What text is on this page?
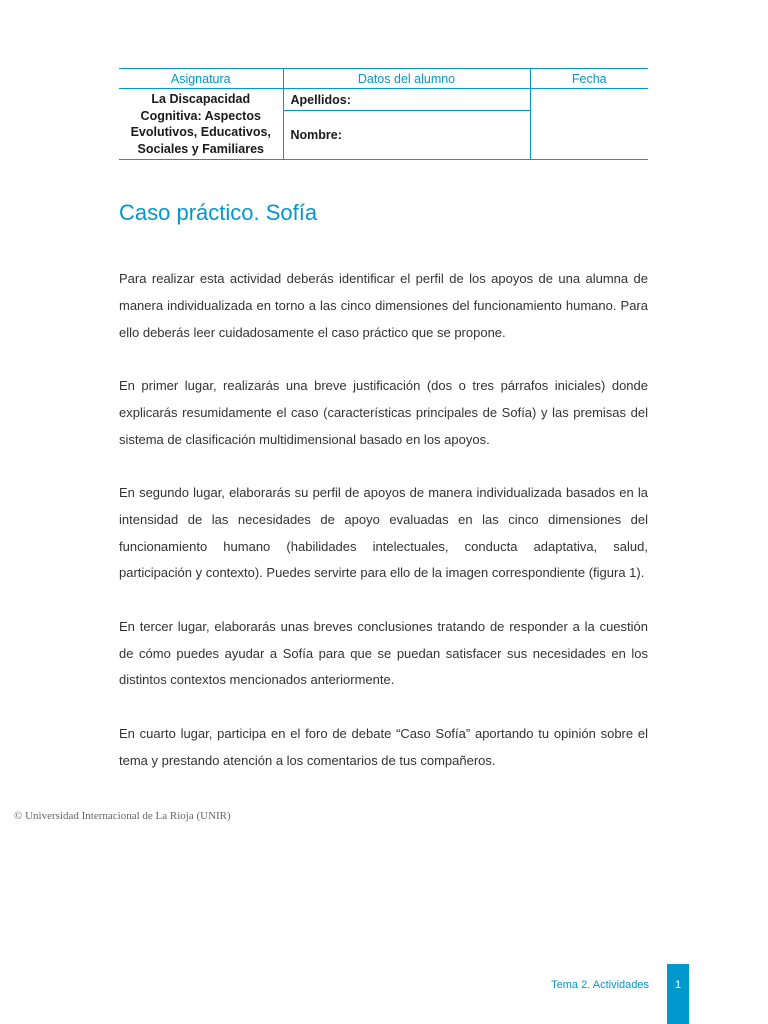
Asignatura	Datos del alumno	Fecha
La Discapacidad Cognitiva: Aspectos Evolutivos, Educativos, Sociales y Familiares	Apellidos:	
	Nombre:	
Caso práctico. Sofía

Para realizar esta actividad deberás identificar el perfil de los apoyos de una alumna de manera individualizada en torno a las cinco dimensiones del funcionamiento humano. Para ello deberás leer cuidadosamente el caso práctico que se propone.

En primer lugar, realizarás una breve justificación (dos o tres párrafos iniciales) donde explicarás resumidamente el caso (características principales de Sofía) y las premisas del sistema de clasificación multidimensional basado en los apoyos.

En segundo lugar, elaborarás su perfil de apoyos de manera individualizada basados en la intensidad de las necesidades de apoyo evaluadas en las cinco dimensiones del funcionamiento humano (habilidades intelectuales, conducta adaptativa, salud, participación y contexto). Puedes servirte para ello de la imagen correspondiente (figura 1).

En tercer lugar, elaborarás unas breves conclusiones tratando de responder a la cuestión de cómo puedes ayudar a Sofía para que se puedan satisfacer sus necesidades en los distintos contextos mencionados anteriormente.

En cuarto lugar, participa en el foro de debate “Caso Sofía” aportando tu opinión sobre el tema y prestando atención a los comentarios de tus compañeros.

© Universidad Internacional de La Rioja (UNIR)
Tema 2. Actividades	1
